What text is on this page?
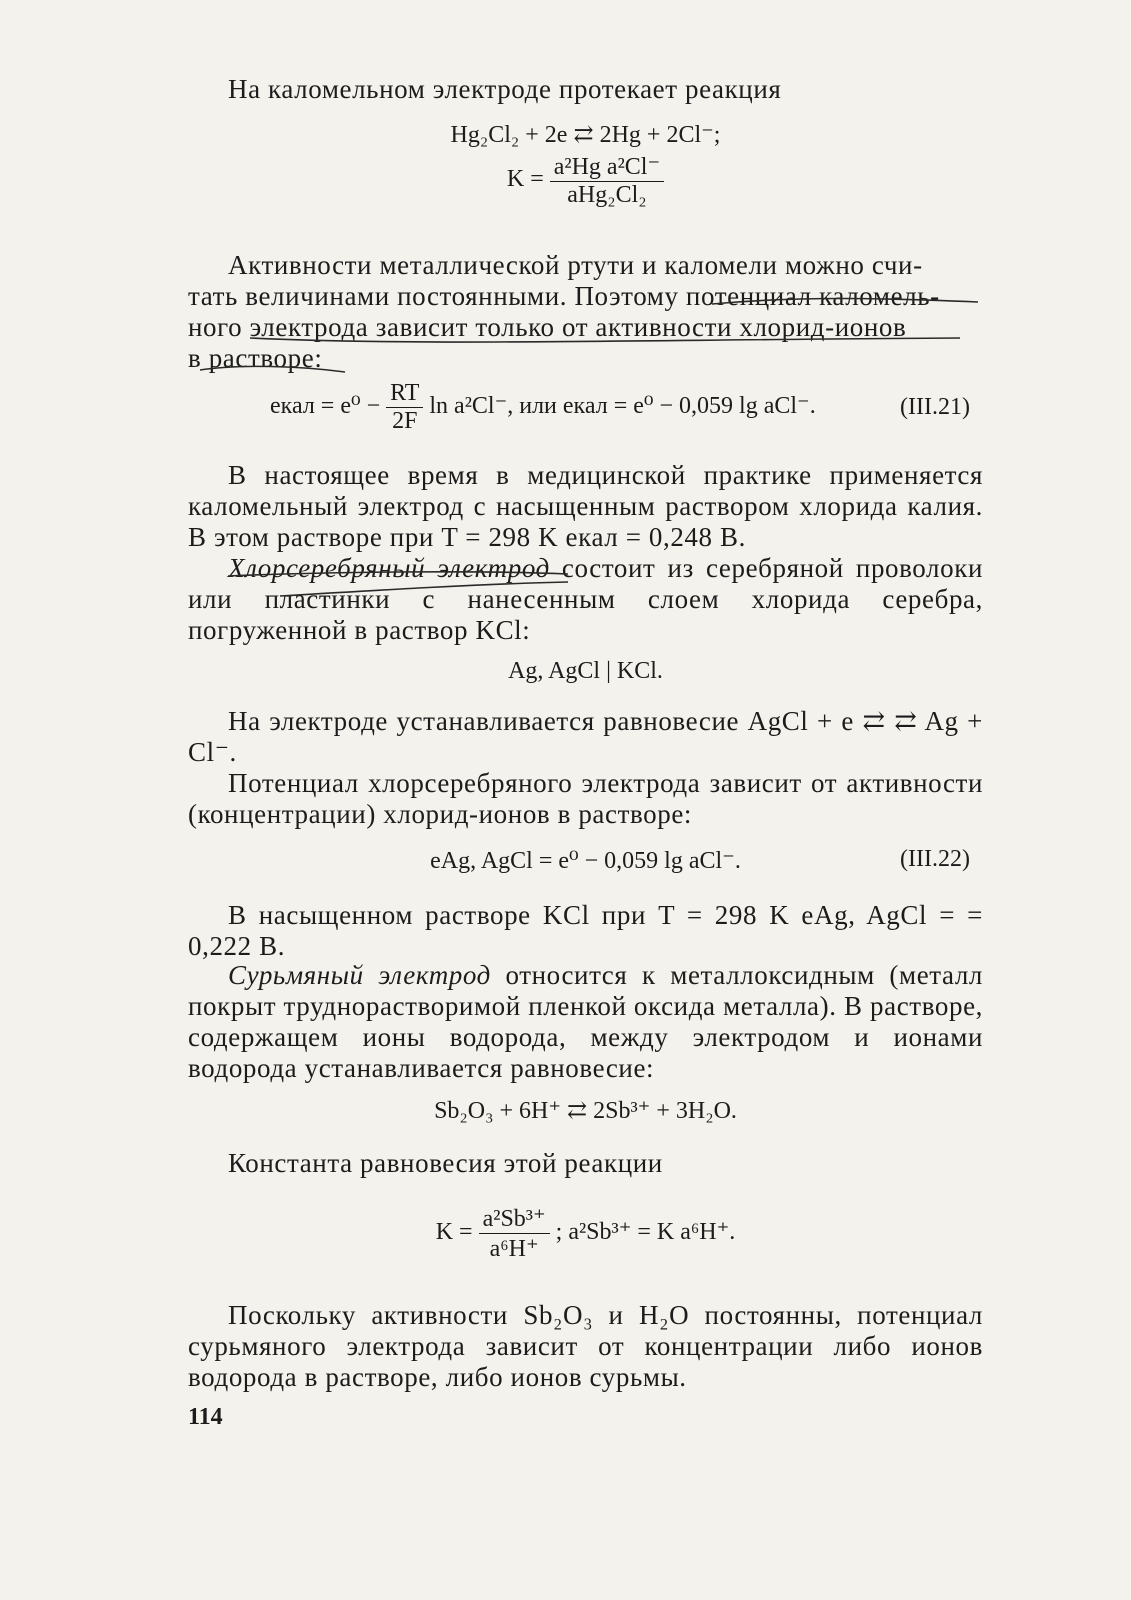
На каломельном электроде протекает реакция
Hg₂Cl₂ + 2e ⇄ 2Hg + 2Cl⁻;
$K = \frac{\text{a²Hg a²Cl⁻}}{\text{aHg₂Cl₂}}$
Активности металлической ртути и каломели можно счи-
тать величинами постоянными. Поэтому потенциал каломель-
ного электрода зависит только от активности хлорид-ионов
в растворе:
eкал = $e^0 - \frac{RT}{2F}$ ln a²Cl⁻, или eкал = e⁰ − 0,059 lg aCl⁻.	(III.21)
В настоящее время в медицинской практике применяется каломельный электрод с насыщенным раствором хлорида калия. В этом растворе при T = 298 K eкал = 0,248 В.
Хлорсеребряный электрод состоит из серебряной проволоки или пластинки с нанесенным слоем хлорида серебра, погруженной в раствор KCl:
Ag, AgCl | KCl.
На электроде устанавливается равновесие AgCl + e ⇄ ⇄ Ag + Cl⁻.
Потенциал хлорсеребряного электрода зависит от активности (концентрации) хлорид-ионов в растворе:
eAg, AgCl = e⁰ − 0,059 lg aCl⁻.	(III.22)
В насыщенном растворе KCl при T = 298 K eAg, AgCl = = 0,222 В.
Сурьмяный электрод относится к металлоксидным (металл покрыт труднорастворимой пленкой оксида металла). В растворе, содержащем ионы водорода, между электродом и ионами водорода устанавливается равновесие:
Sb₂O₃ + 6H⁺ ⇄ 2Sb³⁺ + 3H₂O.
Константа равновесия этой реакции
$K = \frac{\text{a²Sb³⁺}}{\text{a⁶H⁺}}$ ; a²Sb³⁺ = K a⁶H⁺.
Поскольку активности Sb₂O₃ и H₂O постоянны, потенциал сурьмяного электрода зависит от концентрации либо ионов водорода в растворе, либо ионов сурьмы.
114
